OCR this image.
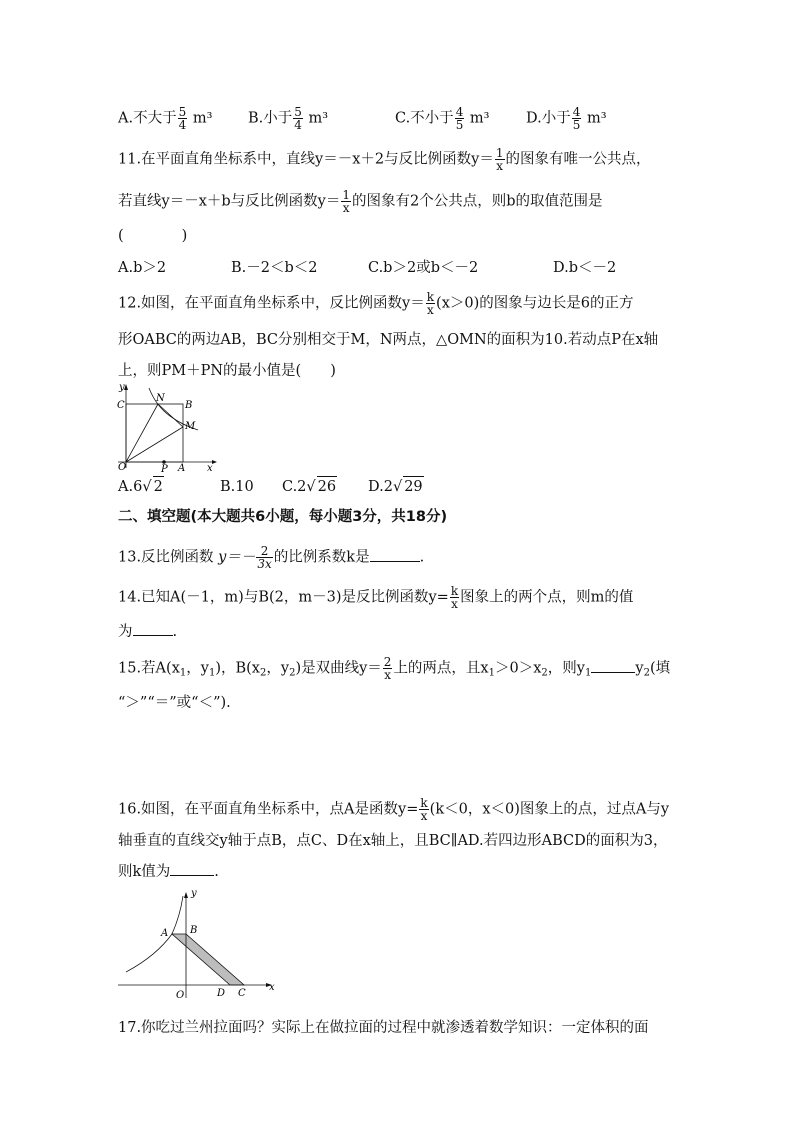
A.不大于 $\frac{5}{4} m^3$ B.小于 $\frac{5}{4} m^3$	C.不小于 $\frac{4}{5} m^3$	D.小于 $\frac{4}{5} m^3$
11.在平面直角坐标系中，直线y＝－x＋2与反比例函数$y= \frac{1}{x}$ 的图象有唯一公共点，
若直线y＝－x＋b与反比例函数$y= \frac{1}{x}$ 的图象有2个公共点，则b的取值范围是
(　　　　)
A.b＞2	B.－2＜b＜2	C.b＞2或b＜－2	D.b＜－2
12.如图，在平面直角坐标系中，反比例函数$y= \frac{k}{x} (x>0)$的图象与边长是6的正方
形OABC的两边AB，BC分别相交于M，N两点，△OMN的面积为10.若动点P在x轴
上，则PM＋PN的最小值是(　　)
y
C
N
B
M
O	P A x
A.6√ 2	B.10 C.2√ 26 D.2√ 29
二、填空题(本大题共6小题，每小题3分，共18分)
13.反比例函数 $y=- \frac{2}{3x}$ 的比例系数k是	.
14.已知A(－1，m)与B(2，m－3)是反比例函数$y= \frac{k}{x}$ 图象上的两个点，则m的值
为	.
15.若$A(x_1$，$y_1$)，$B(x_2$，$y_2$)是双曲线$y= \frac{2}{x}$ 上的两点，且$x_1>0>x_2$，则$y_1$	$y_2$(填
“＞”“＝”或“＜”).
16.如图，在平面直角坐标系中，点A是函数$y= \frac{k}{x} (k<0$，x＜0)图象上的点，过点A与y
轴垂直的直线交y轴于点B，点C、D在x轴上，且BC∥AD.若四边形ABCD的面积为3，
则k值为	.
y
A B
O	D C
x
17.你吃过兰州拉面吗？实际上在做拉面的过程中就渗透着数学知识：一定体积的面
